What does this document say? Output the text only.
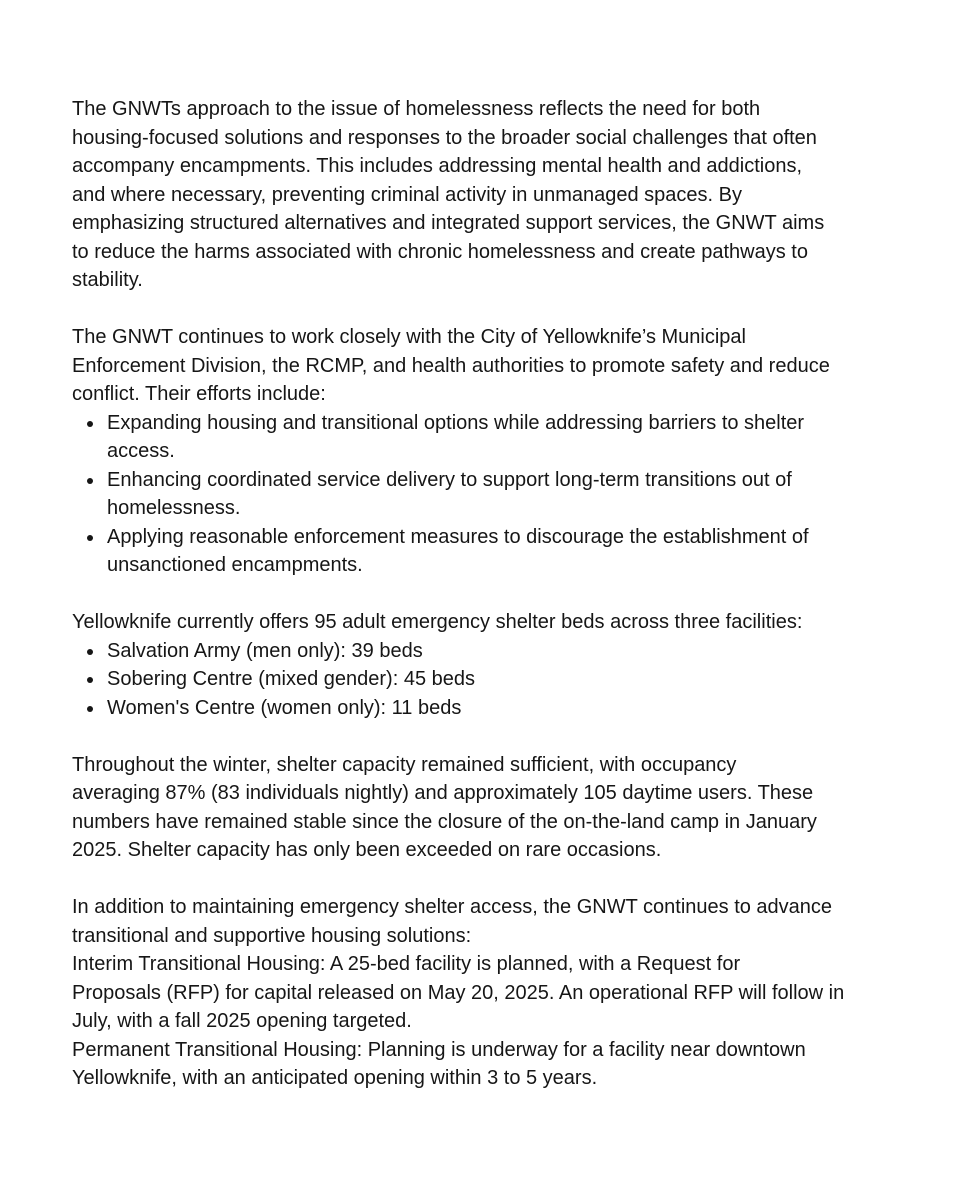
The GNWTs approach to the issue of homelessness reflects the need for both
housing-focused solutions and responses to the broader social challenges that often
accompany encampments. This includes addressing mental health and addictions,
and where necessary, preventing criminal activity in unmanaged spaces. By
emphasizing structured alternatives and integrated support services, the GNWT aims
to reduce the harms associated with chronic homelessness and create pathways to
stability.
The GNWT continues to work closely with the City of Yellowknife’s Municipal
Enforcement Division, the RCMP, and health authorities to promote safety and reduce
conflict. Their efforts include:
Expanding housing and transitional options while addressing barriers to shelter
access.
Enhancing coordinated service delivery to support long-term transitions out of
homelessness.
Applying reasonable enforcement measures to discourage the establishment of
unsanctioned encampments.
Yellowknife currently offers 95 adult emergency shelter beds across three facilities:
Salvation Army (men only): 39 beds
Sobering Centre (mixed gender): 45 beds
Women's Centre (women only): 11 beds
Throughout the winter, shelter capacity remained sufficient, with occupancy
averaging 87% (83 individuals nightly) and approximately 105 daytime users. These
numbers have remained stable since the closure of the on-the-land camp in January
2025. Shelter capacity has only been exceeded on rare occasions.
In addition to maintaining emergency shelter access, the GNWT continues to advance
transitional and supportive housing solutions:
Interim Transitional Housing: A 25-bed facility is planned, with a Request for
Proposals (RFP) for capital released on May 20, 2025. An operational RFP will follow in
July, with a fall 2025 opening targeted.
Permanent Transitional Housing: Planning is underway for a facility near downtown
Yellowknife, with an anticipated opening within 3 to 5 years.
